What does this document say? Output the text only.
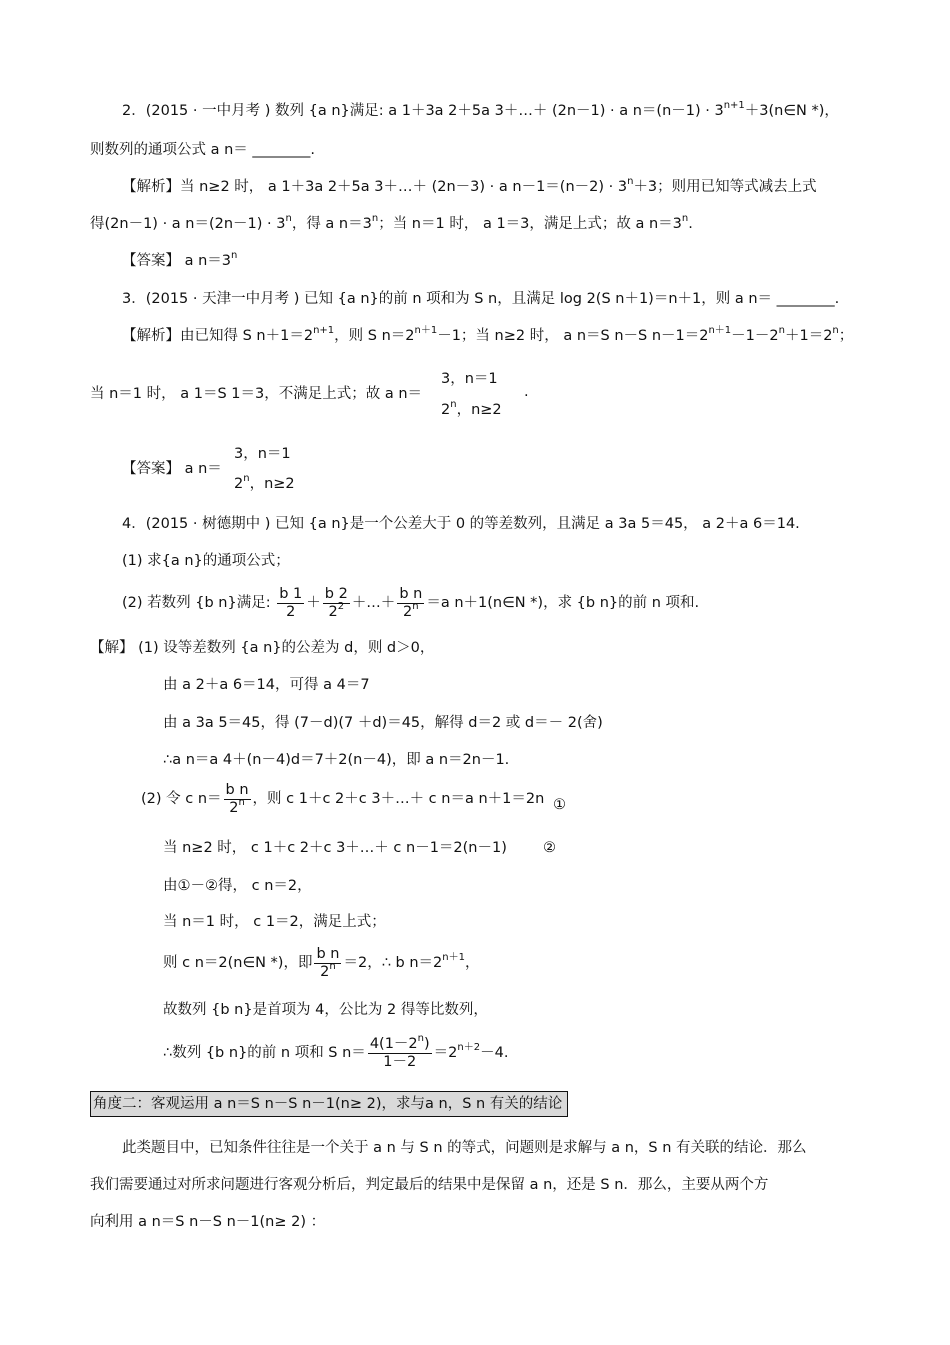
2．(2015 · 一中月考 ) 数列 {a n}满足: a 1＋3a 2＋5a 3＋…＋ (2n－1) · a $n=(n-1) \cdot 3^{n+1}+3(n\in N$ *)，
则数列的通项公式 a n＝ ________.
【解析】当 n≥2 时， a 1＋3a 2＋5a 3＋…＋ (2n－3) · a $n-1=(n-2) \cdot 3^n+3$；则用已知等式减去上式
得(2n－1) · a $n=(2n-1) \cdot 3^n$，得 a $n=3^n$；当 n＝1 时， a 1＝3，满足上式；故 a $n=3^n$.
【答案】 a $n=3^n$
3．(2015 · 天津一中月考 ) 已知 {a n}的前 n 项和为 S n，且满足 log 2(S n＋1)＝n＋1，则 a n＝ ________.
【解析】由已知得 S $n+1=2^{n+1}$，则 S $n=2^{n+1}-1$；当 n≥2 时， a n＝S n－S $n-1=2^{n+1}-1-2^n+1=2^n$；
当 n＝1 时， a 1＝S 1＝3，不满足上式；故 a n＝
3，n＝1
2$^n$，n≥2
.
【答案】 a n＝
3，n＝1
2$^n$，n≥2
4．(2015 · 树德期中 ) 已知 {a n}是一个公差大于 0 的等差数列，且满足 a 3a 5＝45， a 2＋a 6＝14.
(1) 求{a n}的通项公式；
(2) 若数列 {b n}满足: $\frac{b 1}{2} + \frac{b 2}{2^2}$ ＋…＋ $\frac{\text{b n}}{2^n} =a$ n＋1(n∈N *)，求 {b n}的前 n 项和.
【解】 (1) 设等差数列 {a n}的公差为 d，则 d＞0，
由 a 2＋a 6＝14，可得 a 4＝7
由 a 3a 5＝45，得 (7－d)(7 ＋d)＝45，解得 d＝2 或 d＝－ 2(舍)
∴a n＝a 4＋(n－4)d＝7＋2(n－4)，即 a n＝2n－1.
(2) 令 c $n= \frac{\text{b n}}{2^n}$ ，则 c 1＋c 2＋c 3＋…＋ c n＝a n＋1＝2n ①
当 n≥2 时， c 1＋c 2＋c 3＋…＋ c n－1＝2(n－1) ②
由①－②得， c n＝2，
当 n＝1 时， c 1＝2，满足上式；
则 c n＝2(n∈N *)，即 $\frac{\text{b n}}{2^n} =2$，∴ b $n=2^{n+1}$，
故数列 {b n}是首项为 4，公比为 2 得等比数列，
∴数列 {b n}的前 n 项和 S $n= \frac{4(1-2^n)}{1-2} =2^{n+2}-4$.
角度二：客观运用 a n＝S n－S n－1(n≥ 2)，求与a n，S n 有关的结论
此类题目中，已知条件往往是一个关于 a n 与 S n 的等式，问题则是求解与 a n，S n 有关联的结论．那么
我们需要通过对所求问题进行客观分析后，判定最后的结果中是保留 a n，还是 S n．那么，主要从两个方
向利用 a n＝S n－S n－1(n≥ 2) ：
